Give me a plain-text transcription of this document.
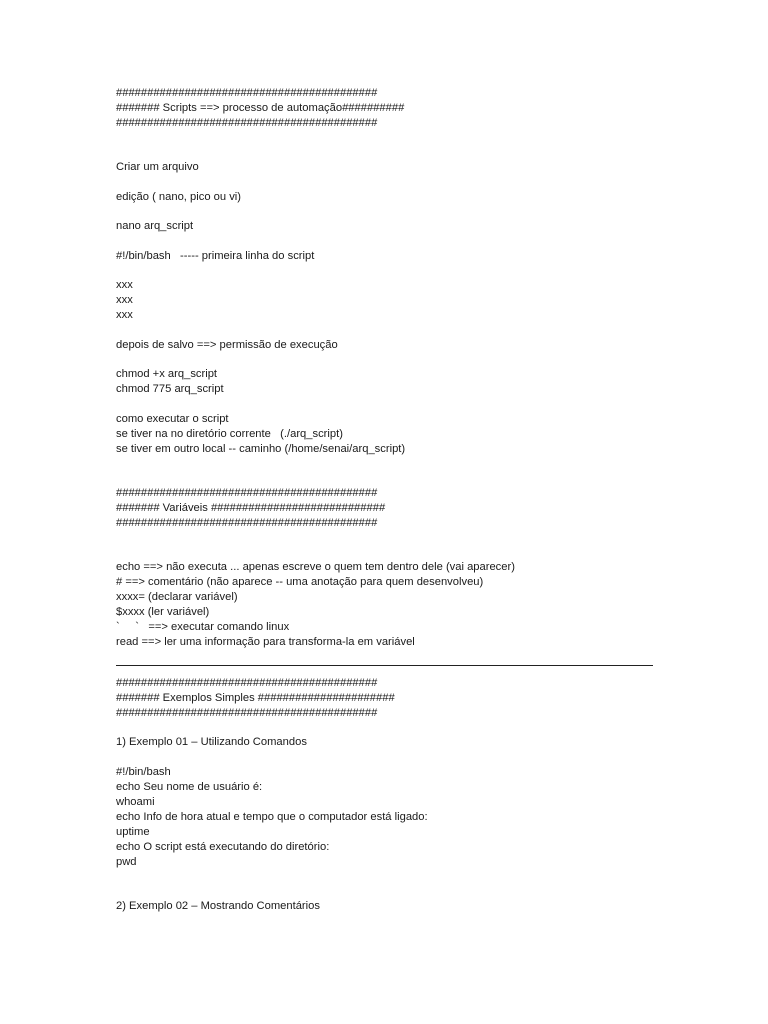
##########################################
####### Scripts ==> processo de automação##########
##########################################
Criar um arquivo
edição ( nano, pico ou vi)
nano arq_script
#!/bin/bash   ----- primeira linha do script
xxx
xxx
xxx
depois de salvo ==> permissão de execução
chmod +x arq_script
chmod 775 arq_script
como executar o script
se tiver na no diretório corrente   (./arq_script)
se tiver em outro local -- caminho (/home/senai/arq_script)
##########################################
####### Variáveis ############################
##########################################
echo ==> não executa ... apenas escreve o quem tem dentro dele (vai aparecer)
# ==> comentário (não aparece -- uma anotação para quem desenvolveu)
xxxx= (declarar variável)
$xxxx (ler variável)
`     `   ==> executar comando linux
read ==> ler uma informação para transforma-la em variável
##########################################
####### Exemplos Simples ######################
##########################################
1) Exemplo 01 – Utilizando Comandos
#!/bin/bash
echo Seu nome de usuário é:
whoami
echo Info de hora atual e tempo que o computador está ligado:
uptime
echo O script está executando do diretório:
pwd
2) Exemplo 02 – Mostrando Comentários
